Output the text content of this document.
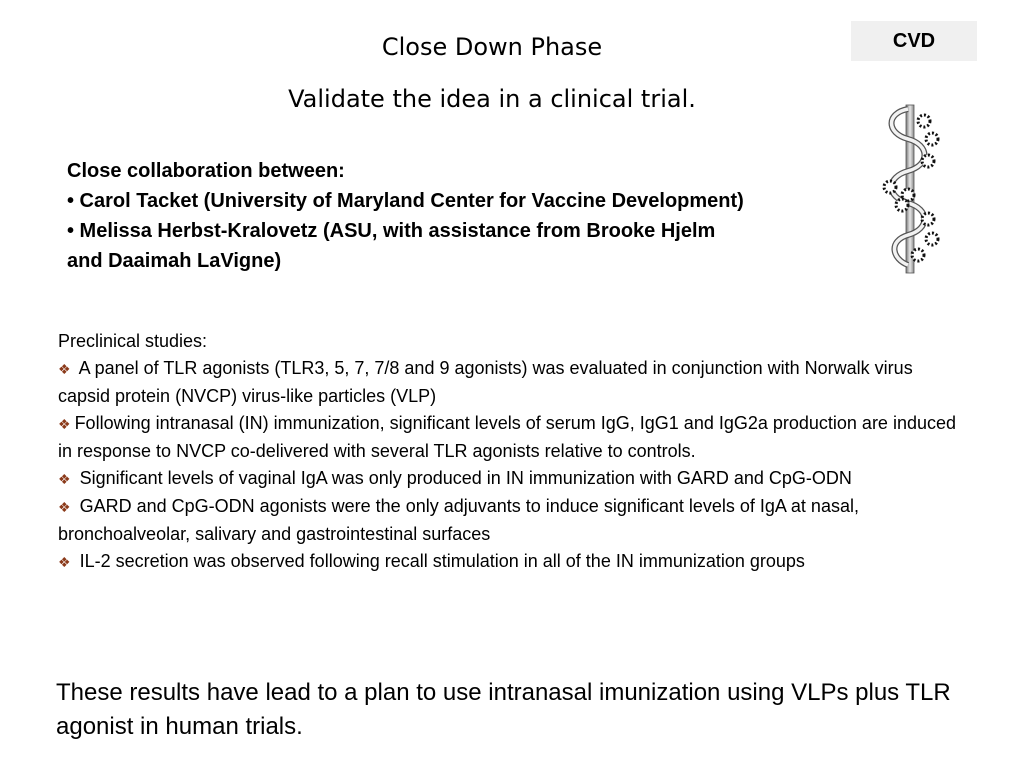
Close Down Phase
Validate the idea in a clinical trial.
CVD

Close collaboration between:

• Carol Tacket (University of Maryland Center for Vaccine Development)

• Melissa Herbst-Kralovetz (ASU, with assistance from Brooke Hjelm and Daaimah LaVigne)

Preclinical studies:

❖ A panel of TLR agonists (TLR3, 5, 7, 7/8 and 9 agonists) was evaluated in conjunction with Norwalk virus capsid protein (NVCP) virus-like particles (VLP)

❖ Following intranasal (IN) immunization, significant levels of serum IgG, IgG1 and IgG2a production are induced in response to NVCP co-delivered with several TLR agonists relative to controls.

❖ Significant levels of vaginal IgA was only produced in IN immunization with GARD and CpG-ODN

❖ GARD and CpG-ODN agonists were the only adjuvants to induce significant levels of IgA at nasal, bronchoalveolar, salivary and gastrointestinal surfaces

❖ IL-2 secretion was observed following recall stimulation in all of the IN immunization groups

These results have lead to a plan to use intranasal imunization using VLPs plus TLR agonist in human trials.
